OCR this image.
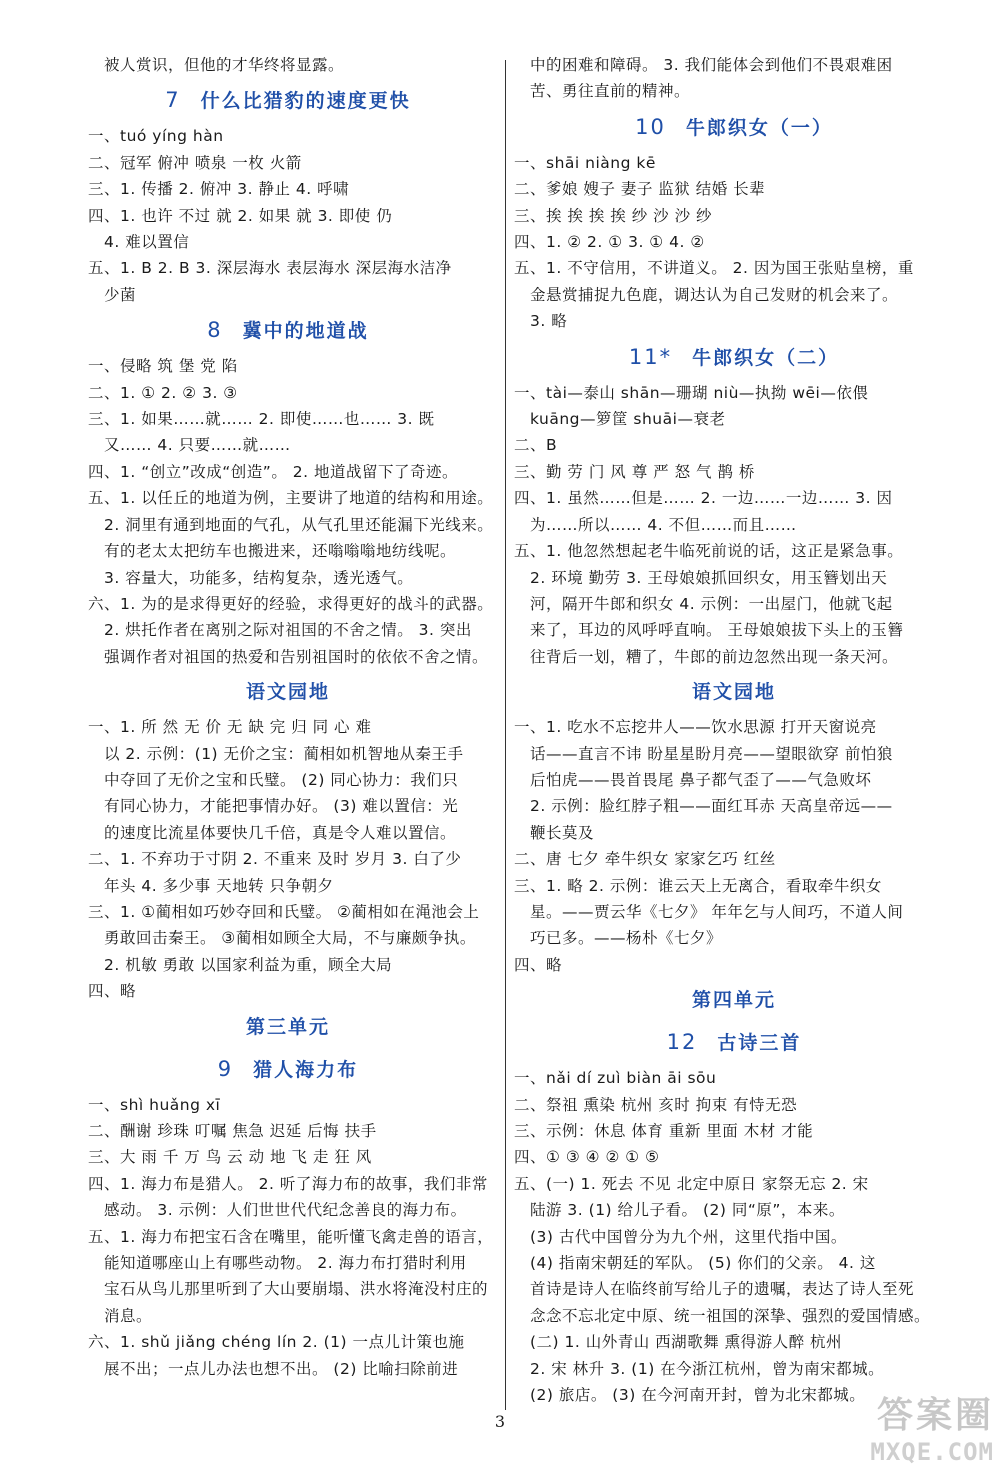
被人赏识，但他的才华终将显露。
7 什么比猎豹的速度更快
一、tuó yíng hàn
二、冠军 俯冲 喷泉 一枚 火箭
三、1. 传播 2. 俯冲 3. 静止 4. 呼啸
四、1. 也许 不过 就 2. 如果 就 3. 即使 仍
4. 难以置信
五、1. B 2. B 3. 深层海水 表层海水 深层海水洁净
少菌
8 冀中的地道战
一、侵略 筑 堡 党 陷
二、1. ① 2. ② 3. ③
三、1. 如果……就…… 2. 即使……也…… 3. 既
又…… 4. 只要……就……
四、1. “创立”改成“创造”。 2. 地道战留下了奇迹。
五、1. 以任丘的地道为例，主要讲了地道的结构和用途。
2. 洞里有通到地面的气孔，从气孔里还能漏下光线来。
有的老太太把纺车也搬进来，还嗡嗡嗡地纺线呢。
3. 容量大，功能多，结构复杂，透光透气。
六、1. 为的是求得更好的经验，求得更好的战斗的武器。
2. 烘托作者在离别之际对祖国的不舍之情。 3. 突出
强调作者对祖国的热爱和告别祖国时的依依不舍之情。
语文园地
一、1. 所 然 无 价 无 缺 完 归 同 心 难
以 2. 示例：(1) 无价之宝：蔺相如机智地从秦王手
中夺回了无价之宝和氏璧。 (2) 同心协力：我们只
有同心协力，才能把事情办好。 (3) 难以置信：光
的速度比流星体要快几千倍，真是令人难以置信。
二、1. 不弃功于寸阴 2. 不重来 及时 岁月 3. 白了少
年头 4. 多少事 天地转 只争朝夕
三、1. ①蔺相如巧妙夺回和氏璧。 ②蔺相如在渑池会上
勇敢回击秦王。 ③蔺相如顾全大局，不与廉颇争执。
2. 机敏 勇敢 以国家利益为重，顾全大局
四、略
第三单元
9 猎人海力布
一、shì huǎng xī
二、酬谢 珍珠 叮嘱 焦急 迟延 后悔 扶手
三、大 雨 千 万 鸟 云 动 地 飞 走 狂 风
四、1. 海力布是猎人。 2. 听了海力布的故事，我们非常
感动。 3. 示例：人们世世代代纪念善良的海力布。
五、1. 海力布把宝石含在嘴里，能听懂飞禽走兽的语言，
能知道哪座山上有哪些动物。 2. 海力布打猎时利用
宝石从鸟儿那里听到了大山要崩塌、洪水将淹没村庄的
消息。
六、1. shǔ jiǎng chéng lín 2. (1) 一点儿计策也施
展不出；一点儿办法也想不出。 (2) 比喻扫除前进
中的困难和障碍。 3. 我们能体会到他们不畏艰难困
苦、勇往直前的精神。
10 牛郎织女（一）
一、shāi niàng kē
二、爹娘 嫂子 妻子 监狱 结婚 长辈
三、挨 挨 挨 挨 纱 沙 沙 纱
四、1. ② 2. ① 3. ① 4. ②
五、1. 不守信用，不讲道义。 2. 因为国王张贴皇榜，重
金悬赏捕捉九色鹿，调达认为自己发财的机会来了。
3. 略
11* 牛郎织女（二）
一、tài—泰山 shān—珊瑚 niù—执拗 wēi—依偎
kuāng—箩筐 shuāi—衰老
二、B
三、勤 劳 门 风 尊 严 怒 气 鹊 桥
四、1. 虽然……但是…… 2. 一边……一边…… 3. 因
为……所以…… 4. 不但……而且……
五、1. 他忽然想起老牛临死前说的话，这正是紧急事。
2. 环境 勤劳 3. 王母娘娘抓回织女，用玉簪划出天
河，隔开牛郎和织女 4. 示例：一出屋门，他就飞起
来了，耳边的风呼呼直响。 王母娘娘拔下头上的玉簪
往背后一划，糟了，牛郎的前边忽然出现一条天河。
语文园地
一、1. 吃水不忘挖井人——饮水思源 打开天窗说亮
话——直言不讳 盼星星盼月亮——望眼欲穿 前怕狼
后怕虎——畏首畏尾 鼻子都气歪了——气急败坏
2. 示例：脸红脖子粗——面红耳赤 天高皇帝远——
鞭长莫及
二、唐 七夕 牵牛织女 家家乞巧 红丝
三、1. 略 2. 示例：谁云天上无离合，看取牵牛织女
星。——贾云华《七夕》 年年乞与人间巧，不道人间
巧已多。——杨朴《七夕》
四、略
第四单元
12 古诗三首
一、nǎi dí zuì biàn āi sōu
二、祭祖 熏染 杭州 亥时 拘束 有恃无恐
三、示例：休息 体育 重新 里面 木材 才能
四、① ③ ④ ② ① ⑤
五、(一) 1. 死去 不见 北定中原日 家祭无忘 2. 宋
陆游 3. (1) 给儿子看。 (2) 同“原”，本来。
(3) 古代中国曾分为九个州，这里代指中国。
(4) 指南宋朝廷的军队。 (5) 你们的父亲。 4. 这
首诗是诗人在临终前写给儿子的遗嘱，表达了诗人至死
念念不忘北定中原、统一祖国的深挚、强烈的爱国情感。
(二) 1. 山外青山 西湖歌舞 熏得游人醉 杭州
2. 宋 林升 3. (1) 在今浙江杭州，曾为南宋都城。
(2) 旅店。 (3) 在今河南开封，曾为北宋都城。
3	答案圈
MXQE.COM
